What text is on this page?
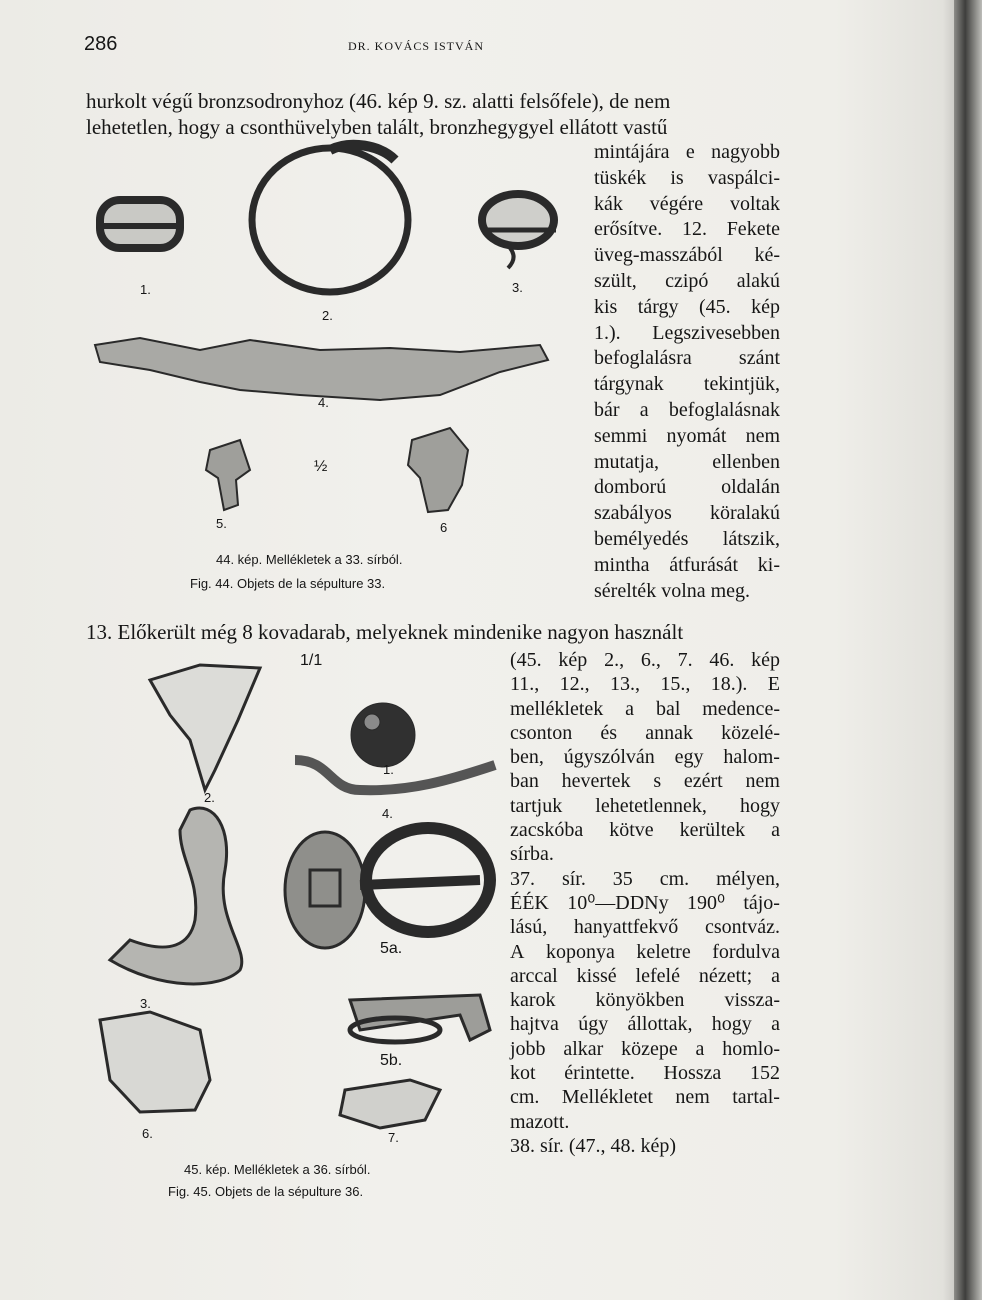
286	DR. KOVÁCS ISTVÁN
hurkolt végű bronzsodronyhoz (46. kép 9. sz. alatti felsőfele), de nem
lehetetlen, hogy a csonthüvelyben talált, bronzhegygyel ellátott vastű
mintájára e nagyobb
tüskék is vaspálci-
kák végére voltak
erősítve. 12. Fekete
üveg-masszából ké-
szült, czipó alakú
kis tárgy (45. kép
1.). Legszivesebben
befoglalásra szánt
tárgynak tekintjük,
bár a befoglalásnak
semmi nyomát nem
mutatja,	ellenben
domború	oldalán
szabályos köralakú
bemélyedés látszik,
mintha átfurását ki-
sérelték volna meg.
13. Előkerült még 8 kovadarab, melyeknek mindenike nagyon használt
(45. kép 2., 6., 7. 46. kép
11., 12., 13., 15., 18.). E
mellékletek a bal medence-
csonton és annak közelé-
ben, úgyszólván egy halom-
ban hevertek s ezért nem
tartjuk lehetetlennek, hogy
zacskóba kötve kerültek a
sírba.
37. sír. 35 cm. mélyen,
ÉÉK 10⁰—DDNy 190⁰ tájo-
lású, hanyattfekvő csontváz.
A koponya keletre fordulva
arccal kissé lefelé nézett; a
karok könyökben vissza-
hajtva úgy állottak, hogy a
jobb alkar közepe a homlo-
kot érintette. Hossza 152
cm. Mellékletet nem tartal-
mazott.
38. sír. (47., 48. kép)
1.
2.
3.
4.
½
5.	6
44. kép. Mellékletek a 33. sírból.
Fig. 44. Objets de la sépulture 33.
1/1
1.
2.
4.
5a.
3.
5b.
6.	7.
45. kép. Mellékletek a 36. sírból.
Fig. 45. Objets de la sépulture 36.
